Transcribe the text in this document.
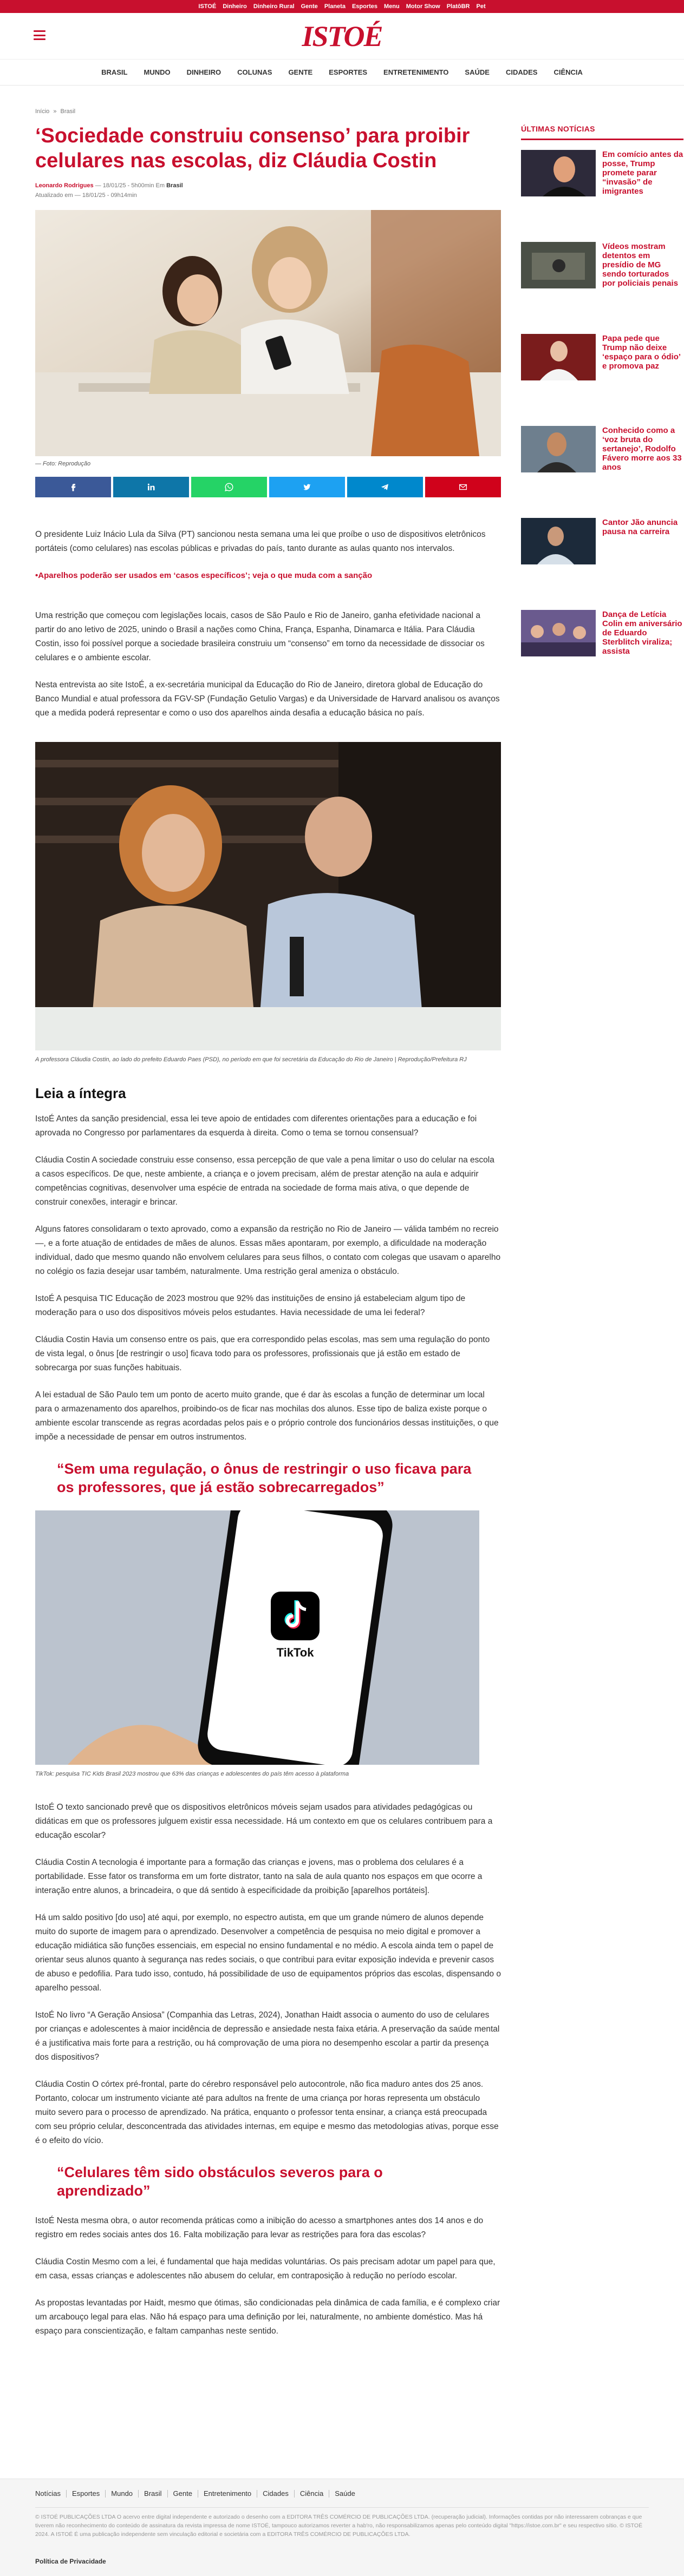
ISTOÉ Dinheiro Dinheiro Rural Gente Planeta Esportes Menu Motor Show PlatôBR Pet
ISTOÉ
BRASIL MUNDO DINHEIRO COLUNAS GENTE ESPORTES ENTRETENIMENTO SAÚDE CIDADES CIÊNCIA
Início » Brasil
‘Sociedade construiu consenso’ para proibir celulares nas escolas, diz Cláudia Costin
Leonardo Rodrigues — 18/01/25 - 5h00min Em Brasil
Atualizado em — 18/01/25 - 09h14min
— Foto: Reprodução

O presidente Luiz Inácio Lula da Silva (PT) sancionou nesta semana uma lei que proíbe o uso de dispositivos eletrônicos portáteis (como celulares) nas escolas públicas e privadas do país, tanto durante as aulas quanto nos intervalos.

•Aparelhos poderão ser usados em ‘casos específicos’; veja o que muda com a sanção

Uma restrição que começou com legislações locais, casos de São Paulo e Rio de Janeiro, ganha efetividade nacional a partir do ano letivo de 2025, unindo o Brasil a nações como China, França, Espanha, Dinamarca e Itália. Para Cláudia Costin, isso foi possível porque a sociedade brasileira construiu um “consenso” em torno da necessidade de dissociar os celulares e o ambiente escolar.

Nesta entrevista ao site IstoÉ, a ex-secretária municipal da Educação do Rio de Janeiro, diretora global de Educação do Banco Mundial e atual professora da FGV-SP (Fundação Getulio Vargas) e da Universidade de Harvard analisou os avanços que a medida poderá representar e como o uso dos aparelhos ainda desafia a educação básica no país.

A professora Cláudia Costin, ao lado do prefeito Eduardo Paes (PSD), no período em que foi secretária da Educação do Rio de Janeiro | Reprodução/Prefeitura RJ
Leia a íntegra

IstoÉ Antes da sanção presidencial, essa lei teve apoio de entidades com diferentes orientações para a educação e foi aprovada no Congresso por parlamentares da esquerda à direita. Como o tema se tornou consensual?

Cláudia Costin A sociedade construiu esse consenso, essa percepção de que vale a pena limitar o uso do celular na escola a casos específicos. De que, neste ambiente, a criança e o jovem precisam, além de prestar atenção na aula e adquirir competências cognitivas, desenvolver uma espécie de entrada na sociedade de forma mais ativa, o que depende de construir conexões, interagir e brincar.

Alguns fatores consolidaram o texto aprovado, como a expansão da restrição no Rio de Janeiro — válida também no recreio —, e a forte atuação de entidades de mães de alunos. Essas mães apontaram, por exemplo, a dificuldade na moderação individual, dado que mesmo quando não envolvem celulares para seus filhos, o contato com colegas que usavam o aparelho no colégio os fazia desejar usar também, naturalmente. Uma restrição geral ameniza o obstáculo.

IstoÉ A pesquisa TIC Educação de 2023 mostrou que 92% das instituições de ensino já estabeleciam algum tipo de moderação para o uso dos dispositivos móveis pelos estudantes. Havia necessidade de uma lei federal?

Cláudia Costin Havia um consenso entre os pais, que era correspondido pelas escolas, mas sem uma regulação do ponto de vista legal, o ônus [de restringir o uso] ficava todo para os professores, profissionais que já estão em estado de sobrecarga por suas funções habituais.

A lei estadual de São Paulo tem um ponto de acerto muito grande, que é dar às escolas a função de determinar um local para o armazenamento dos aparelhos, proibindo-os de ficar nas mochilas dos alunos. Esse tipo de baliza existe porque o ambiente escolar transcende as regras acordadas pelos pais e o próprio controle dos funcionários dessas instituições, o que impõe a necessidade de pensar em outros instrumentos.

“Sem uma regulação, o ônus de restringir o uso ficava para os professores, que já estão sobrecarregados”
TikTok
TikTok: pesquisa TIC Kids Brasil 2023 mostrou que 63% das crianças e adolescentes do país têm acesso à plataforma

IstoÉ O texto sancionado prevê que os dispositivos eletrônicos móveis sejam usados para atividades pedagógicas ou didáticas em que os professores julguem existir essa necessidade. Há um contexto em que os celulares contribuem para a educação escolar?

Cláudia Costin A tecnologia é importante para a formação das crianças e jovens, mas o problema dos celulares é a portabilidade. Esse fator os transforma em um forte distrator, tanto na sala de aula quanto nos espaços em que ocorre a interação entre alunos, a brincadeira, o que dá sentido à especificidade da proibição [aparelhos portáteis].

Há um saldo positivo [do uso] até aqui, por exemplo, no espectro autista, em que um grande número de alunos depende muito do suporte de imagem para o aprendizado. Desenvolver a competência de pesquisa no meio digital e promover a educação midiática são funções essenciais, em especial no ensino fundamental e no médio. A escola ainda tem o papel de orientar seus alunos quanto à segurança nas redes sociais, o que contribui para evitar exposição indevida e prevenir casos de abuso e pedofilia. Para tudo isso, contudo, há possibilidade de uso de equipamentos próprios das escolas, dispensando o aparelho pessoal.

IstoÉ No livro “A Geração Ansiosa” (Companhia das Letras, 2024), Jonathan Haidt associa o aumento do uso de celulares por crianças e adolescentes à maior incidência de depressão e ansiedade nesta faixa etária. A preservação da saúde mental é a justificativa mais forte para a restrição, ou há comprovação de uma piora no desempenho escolar a partir da presença dos dispositivos?

Cláudia Costin O córtex pré-frontal, parte do cérebro responsável pelo autocontrole, não fica maduro antes dos 25 anos. Portanto, colocar um instrumento viciante até para adultos na frente de uma criança por horas representa um obstáculo muito severo para o processo de aprendizado. Na prática, enquanto o professor tenta ensinar, a criança está preocupada com seu próprio celular, desconcentrada das atividades internas, em equipe e mesmo das metodologias ativas, porque esse é o efeito do vício.

“Celulares têm sido obstáculos severos para o aprendizado”

IstoÉ Nesta mesma obra, o autor recomenda práticas como a inibição do acesso a smartphones antes dos 14 anos e do registro em redes sociais antes dos 16. Falta mobilização para levar as restrições para fora das escolas?

Cláudia Costin Mesmo com a lei, é fundamental que haja medidas voluntárias. Os pais precisam adotar um papel para que, em casa, essas crianças e adolescentes não abusem do celular, em contraposição à redução no período escolar.

As propostas levantadas por Haidt, mesmo que ótimas, são condicionadas pela dinâmica de cada família, e é complexo criar um arcabouço legal para elas. Não há espaço para uma definição por lei, naturalmente, no ambiente doméstico. Mas há espaço para conscientização, e faltam campanhas neste sentido.

ÚLTIMAS NOTÍCIAS
Em comício antes da posse, Trump promete parar “invasão” de imigrantes
Vídeos mostram detentos em presídio de MG sendo torturados por policiais penais
Papa pede que Trump não deixe ‘espaço para o ódio’ e promova paz
Conhecido como a ‘voz bruta do sertanejo’, Rodolfo Fávero morre aos 33 anos
Cantor Jão anuncia pausa na carreira
Dança de Letícia Colin em aniversário de Eduardo Sterblitch viraliza; assista
Notícias	Esportes	Mundo	Brasil	Gente	Entretenimento	Cidades	Ciência	Saúde
© ISTOÉ PUBLICAÇÕES LTDA O acervo entre digital independente e autorizado o desenho com a EDITORA TRÊS COMÉRCIO DE PUBLICAÇÕES LTDA. (recuperação judicial). Informações contidas por não interessarem cobranças e que tiverem não reconhecimento do conteúdo de assinatura da revista impressa de nome ISTOÉ, tampouco autorizamos reverter a hab'ro, não responsabilizamos apenas pelo conteúdo digital "https://istoe.com.br" e seu respectivo sítio. © ISTOÉ 2024. A ISTOÉ É uma publicação independente sem vinculação editorial e societária com a EDITORA TRÊS COMÉRCIO DE PUBLICAÇÕES LTDA.
Política de Privacidade
